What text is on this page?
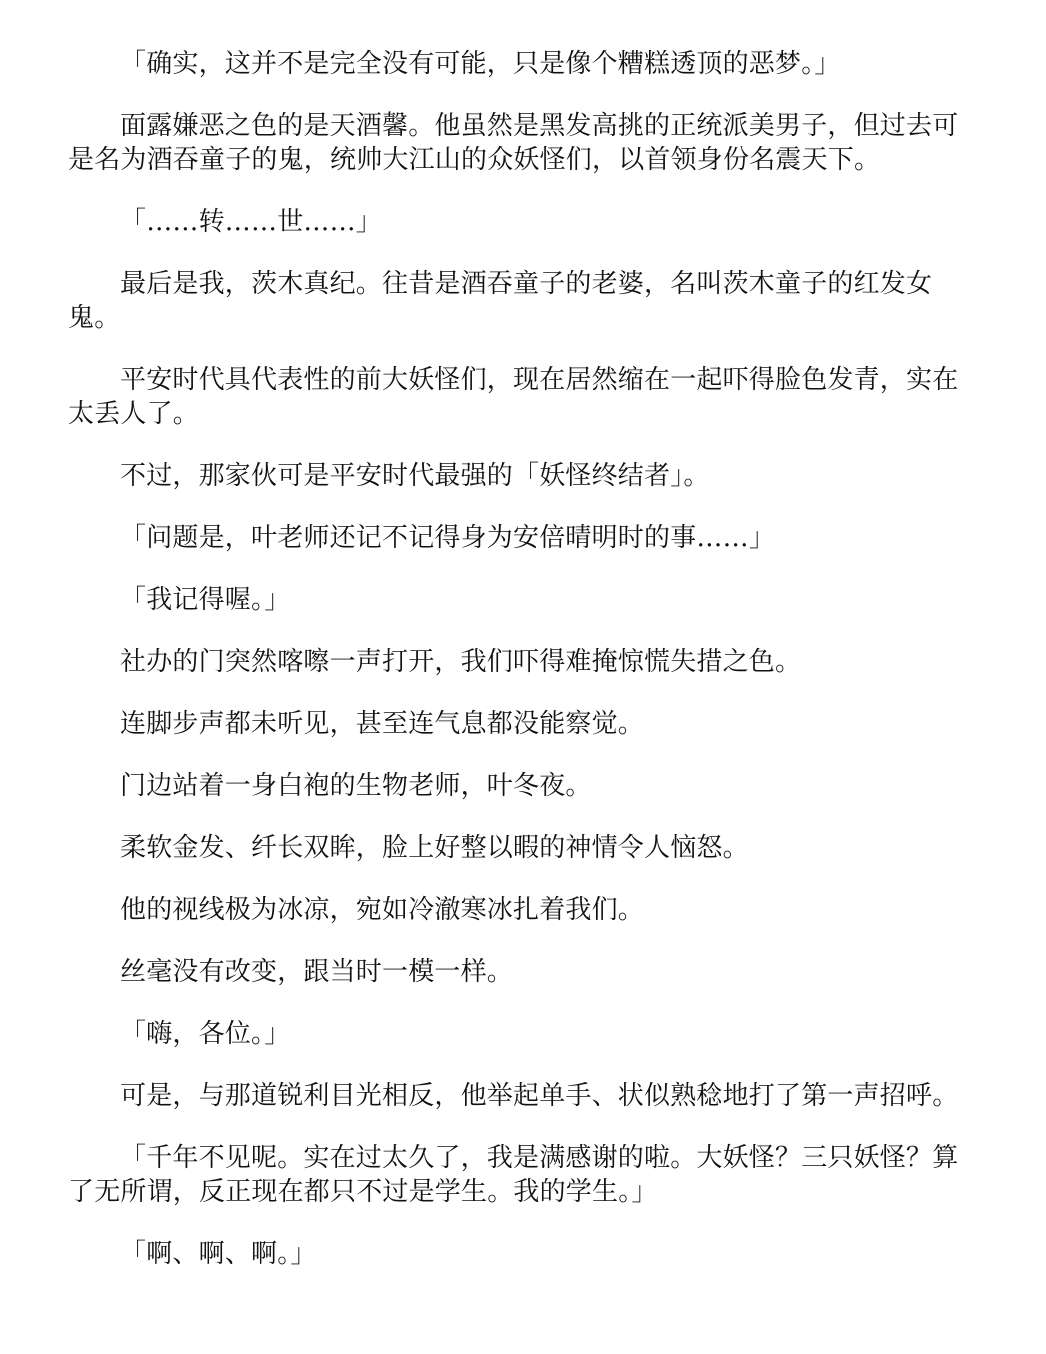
「确实，这并不是完全没有可能，只是像个糟糕透顶的恶梦。」

面露嫌恶之色的是天酒馨。他虽然是黑发高挑的正统派美男子，但过去可是名为酒吞童子的鬼，统帅大江山的众妖怪们，以首领身份名震天下。

「……转……世……」

最后是我，茨木真纪。往昔是酒吞童子的老婆，名叫茨木童子的红发女鬼。

平安时代具代表性的前大妖怪们，现在居然缩在一起吓得脸色发青，实在太丢人了。

不过，那家伙可是平安时代最强的「妖怪终结者」。

「问题是，叶老师还记不记得身为安倍晴明时的事……」

「我记得喔。」

社办的门突然喀嚓一声打开，我们吓得难掩惊慌失措之色。

连脚步声都未听见，甚至连气息都没能察觉。

门边站着一身白袍的生物老师，叶冬夜。

柔软金发、纤长双眸，脸上好整以暇的神情令人恼怒。

他的视线极为冰凉，宛如冷澈寒冰扎着我们。

丝毫没有改变，跟当时一模一样。

「嗨，各位。」

可是，与那道锐利目光相反，他举起单手、状似熟稔地打了第一声招呼。

「千年不见呢。实在过太久了，我是满感谢的啦。大妖怪？三只妖怪？算了无所谓，反正现在都只不过是学生。我的学生。」

「啊、啊、啊。」
